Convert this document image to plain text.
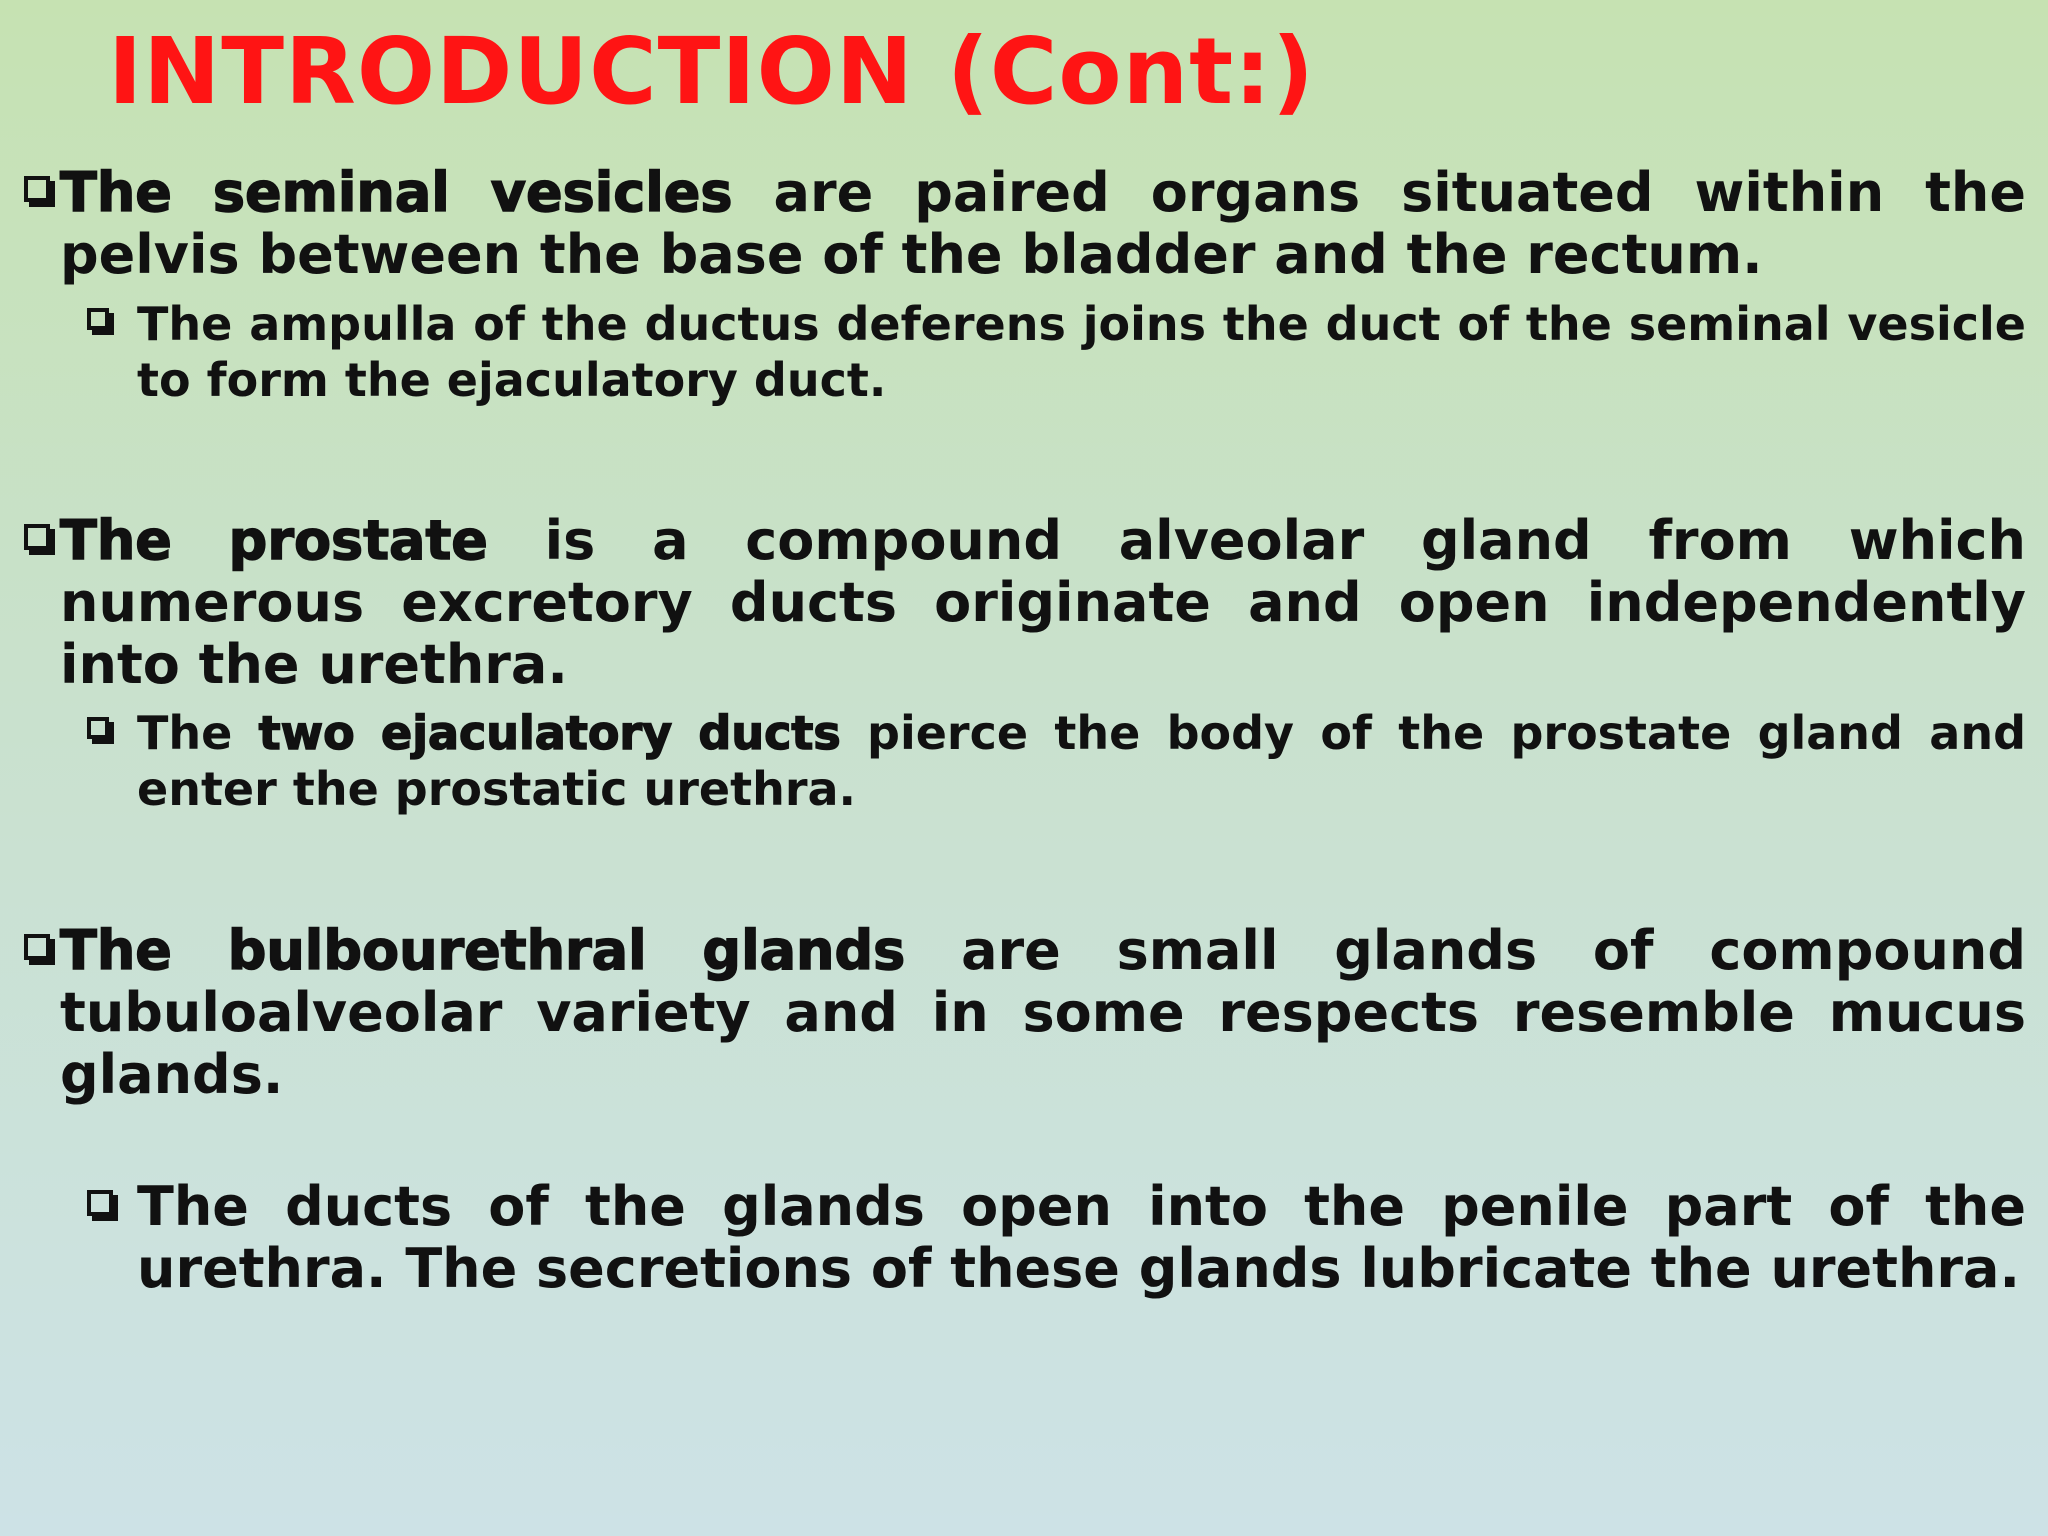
INTRODUCTION (Cont:)
The seminal vesicles are paired organs situated within the pelvis between the base of the bladder and the rectum.
The ampulla of the ductus deferens joins the duct of the seminal vesicle to form the ejaculatory duct.
The prostate is a compound alveolar gland from which numerous excretory ducts originate and open independently into the urethra.
The two ejaculatory ducts pierce the body of the prostate gland and enter the prostatic urethra.
The bulbourethral glands are small glands of compound tubuloalveolar variety and in some respects resemble mucus glands.
The ducts of the glands open into the penile part of the urethra. The secretions of these glands lubricate the urethra.
